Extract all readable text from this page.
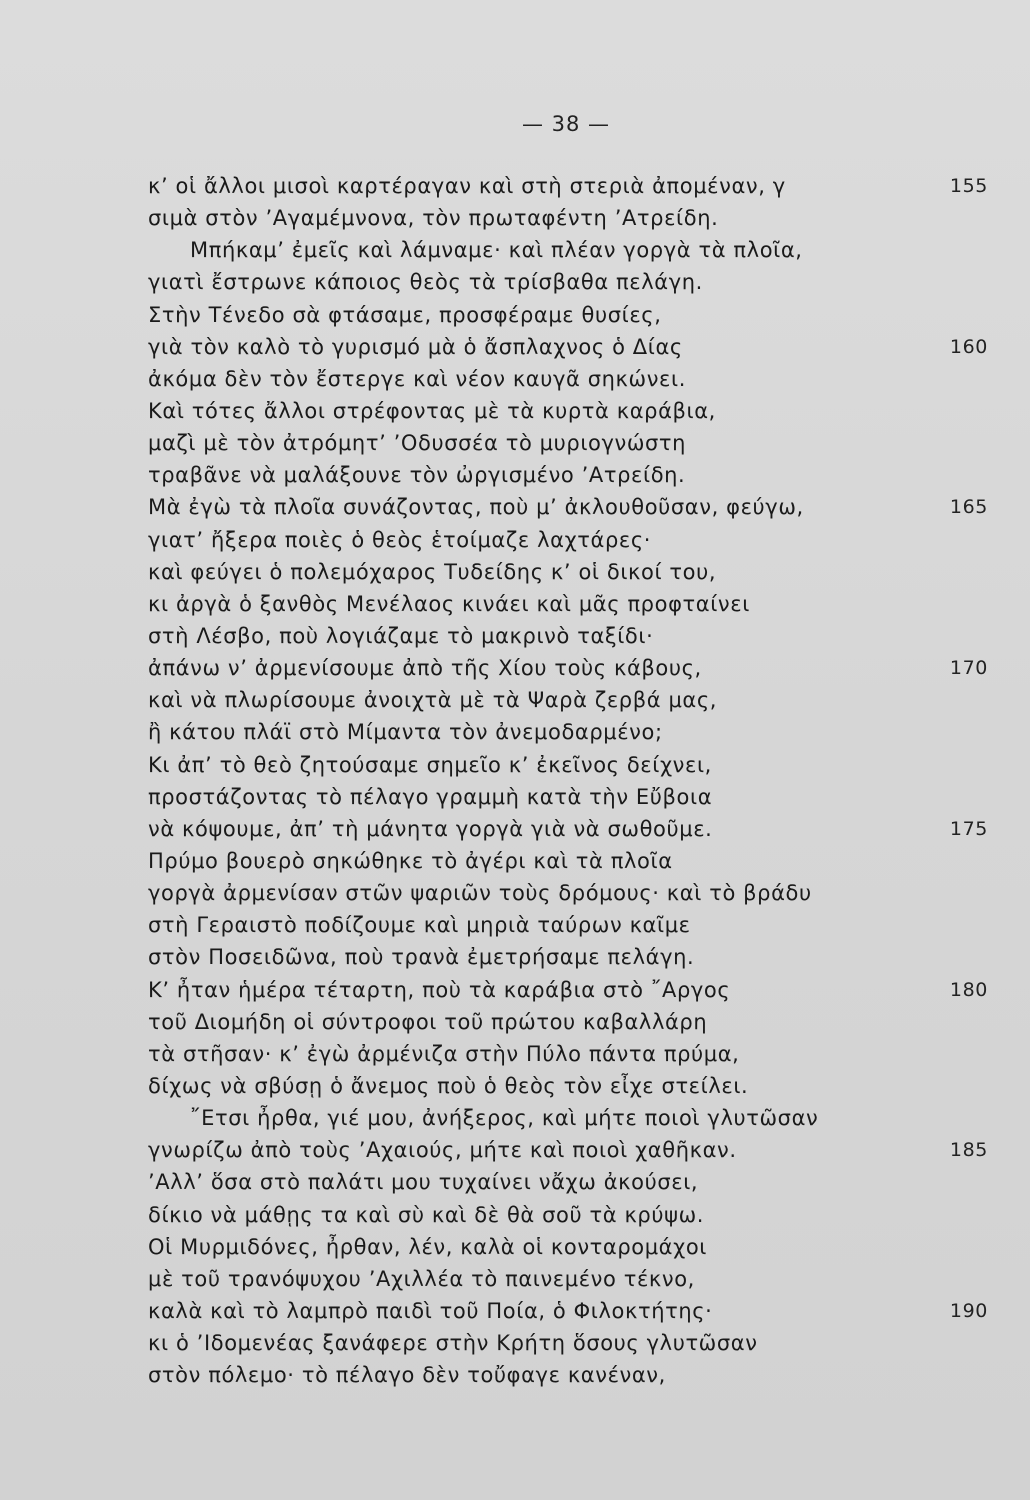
— 38 —
κ’ οἱ ἄλλοι μισοὶ καρτέραγαν καὶ στὴ στεριὰ ἀπομέναν, γ	155
σιμὰ στὸν ’Αγαμέμνονα, τὸν πρωταφέντη ’Ατρείδη.
Μπήκαμ’ ἐμεῖς καὶ λάμναμε· καὶ πλέαν γοργὰ τὰ πλοῖα,
γιατὶ ἔστρωνε κάποιος θεὸς τὰ τρίσβαθα πελάγη.
Στὴν Τένεδο σὰ φτάσαμε, προσφέραμε θυσίες,
γιὰ τὸν καλὸ τὸ γυρισμό μὰ ὁ ἄσπλαχνος ὁ Δίας	160
ἀκόμα δὲν τὸν ἔστεργε καὶ νέον καυγᾶ σηκώνει.
Καὶ τότες ἄλλοι στρέφοντας μὲ τὰ κυρτὰ καράβια,
μαζὶ μὲ τὸν ἀτρόμητ’ ’Οδυσσέα τὸ μυριογνώστη
τραβᾶνε νὰ μαλάξουνε τὸν ὠργισμένο ’Ατρείδη.
Μὰ ἐγὼ τὰ πλοῖα συνάζοντας, ποὺ μ’ ἀκλουθοῦσαν, φεύγω,	165
γιατ’ ἤξερα ποιὲς ὁ θεὸς ἑτοίμαζε λαχτάρες·
καὶ φεύγει ὁ πολεμόχαρος Τυδείδης κ’ οἱ δικοί του,
κι ἀργὰ ὁ ξανθὸς Μενέλαος κινάει καὶ μᾶς προφταίνει
στὴ Λέσβο, ποὺ λογιάζαμε τὸ μακρινὸ ταξίδι·
ἀπάνω ν’ ἀρμενίσουμε ἀπὸ τῆς Χίου τοὺς κάβους,	170
καὶ νὰ πλωρίσουμε ἀνοιχτὰ μὲ τὰ Ψαρὰ ζερβά μας,
ἢ κάτου πλάϊ στὸ Μίμαντα τὸν ἀνεμοδαρμένο;
Κι ἀπ’ τὸ θεὸ ζητούσαμε σημεῖο κ’ ἐκεῖνος δείχνει,
προστάζοντας τὸ πέλαγο γραμμὴ κατὰ τὴν Εὔβοια
νὰ κόψουμε, ἀπ’ τὴ μάνητα γοργὰ γιὰ νὰ σωθοῦμε.	175
Πρύμο βουερὸ σηκώθηκε τὸ ἀγέρι καὶ τὰ πλοῖα
γοργὰ ἀρμενίσαν στῶν ψαριῶν τοὺς δρόμους· καὶ τὸ βράδυ
στὴ Γεραιστὸ ποδίζουμε καὶ μηριὰ ταύρων καῖμε
στὸν Ποσειδῶνα, ποὺ τρανὰ ἐμετρήσαμε πελάγη.
Κ’ ἦταν ἡμέρα τέταρτη, ποὺ τὰ καράβια στὸ ῎Αργος	180
τοῦ Διομήδη οἱ σύντροφοι τοῦ πρώτου καβαλλάρη
τὰ στῆσαν· κ’ ἐγὼ ἀρμένιζα στὴν Πύλο πάντα πρύμα,
δίχως νὰ σβύσῃ ὁ ἄνεμος ποὺ ὁ θεὸς τὸν εἶχε στείλει.
῎Ετσι ἦρθα, γιέ μου, ἀνήξερος, καὶ μήτε ποιοὶ γλυτῶσαν
γνωρίζω ἀπὸ τοὺς ’Αχαιούς, μήτε καὶ ποιοὶ χαθῆκαν.	185
’Αλλ’ ὅσα στὸ παλάτι μου τυχαίνει νἄχω ἀκούσει,
δίκιο νὰ μάθῃς τα καὶ σὺ καὶ δὲ θὰ σοῦ τὰ κρύψω.
Οἱ Μυρμιδόνες, ἦρθαν, λέν, καλὰ οἱ κονταρομάχοι
μὲ τοῦ τρανόψυχου ’Αχιλλέα τὸ παινεμένο τέκνο,
καλὰ καὶ τὸ λαμπρὸ παιδὶ τοῦ Ποία, ὁ Φιλοκτήτης·	190
κι ὁ ’Ιδομενέας ξανάφερε στὴν Κρήτη ὅσους γλυτῶσαν
στὸν πόλεμο· τὸ πέλαγο δὲν τοὔφαγε κανέναν,
